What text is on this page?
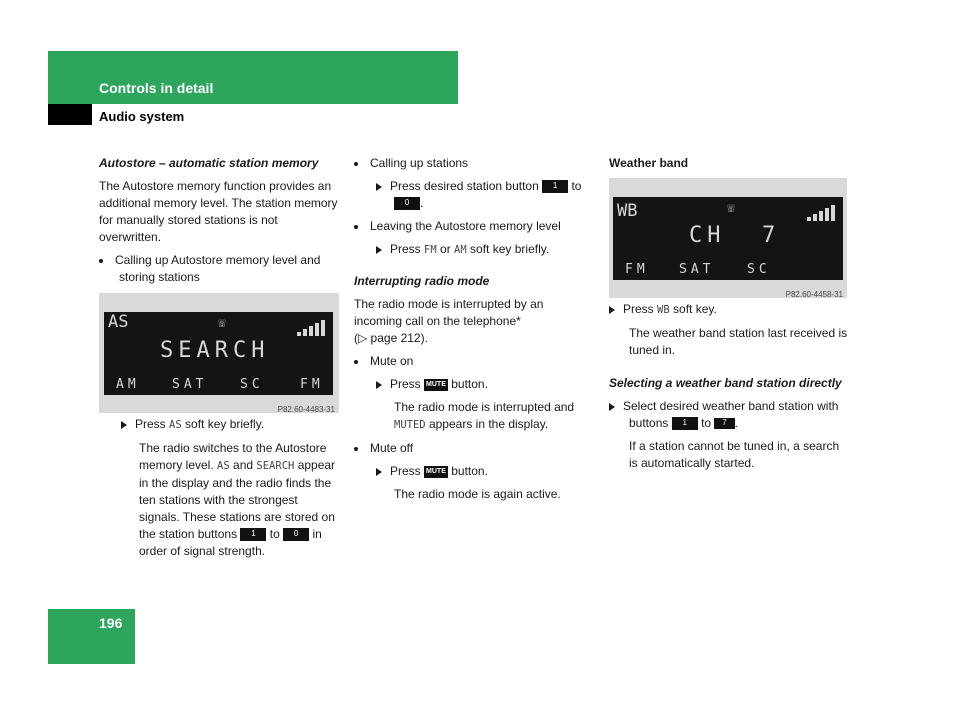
Controls in detail
Audio system
196

Autostore – automatic station memory

The Autostore memory function provides an additional memory level. The station memory for manually stored stations is not overwritten.

Calling up Autostore memory level and storing stations

AS	☏
SEARCH
AM SAT	SC	FM
P82.60-4483-31

Press AS soft key briefly.

The radio switches to the Autostore memory level. AS and SEARCH appear in the display and the radio finds the ten stations with the strongest signals. These stations are stored on the station buttons 1 to 0 in order of signal strength.

Calling up stations

Press desired station button 1 to 0 .

Leaving the Autostore memory level

Press FM or AM soft key briefly.

Interrupting radio mode

The radio mode is interrupted by an incoming call on the telephone*
(▷ page 212).

Mute on

Press MUTE button.

The radio mode is interrupted and MUTED appears in the display.

Mute off

Press MUTE button.

The radio mode is again active.

Weather band

WB	☏
CH  7
FM SAT	SC
P82.60-4458-31

Press WB soft key.

The weather band station last received is tuned in.

Selecting a weather band station directly

Select desired weather band station with buttons 1 to 7
PQRS.

If a station cannot be tuned in, a search is automatically started.
